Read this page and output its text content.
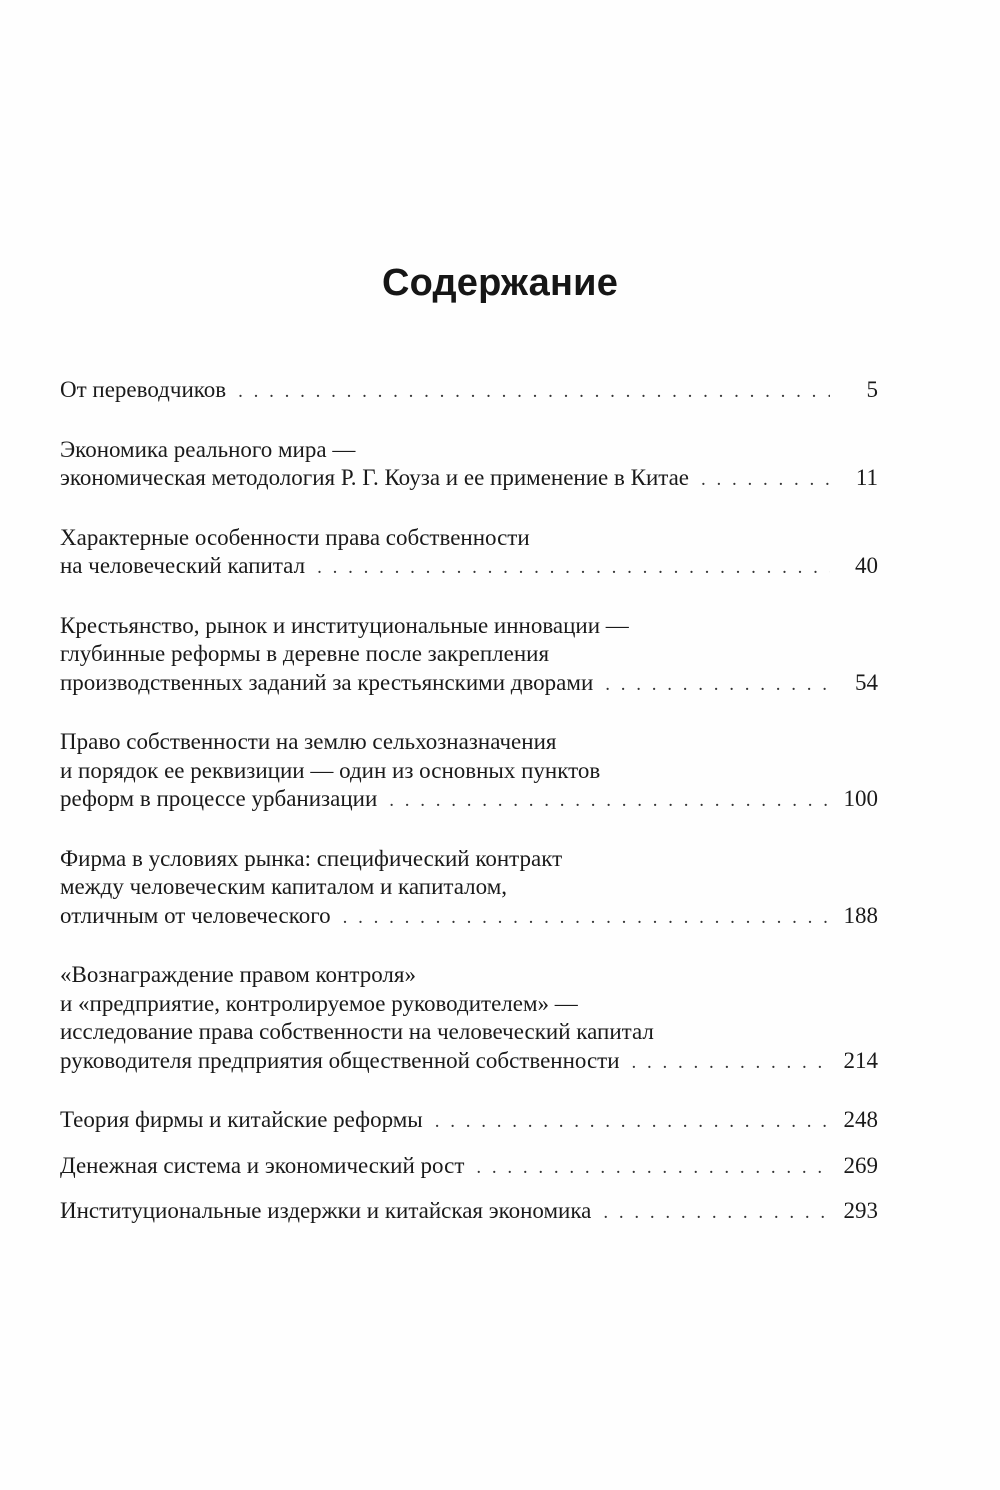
Содержание
От переводчиков . . .	5
Экономика реального мира —
экономическая методология Р. Г. Коуза и ее применение в Китае . . .	11
Характерные особенности права собственности
на человеческий капитал . . .	40
Крестьянство, рынок и институциональные инновации —
глубинные реформы в деревне после закрепления
производственных заданий за крестьянскими дворами . . .	54
Право собственности на землю сельхозназначения
и порядок ее реквизиции — один из основных пунктов
реформ в процессе урбанизации . . .	100
Фирма в условиях рынка: специфический контракт
между человеческим капиталом и капиталом,
отличным от человеческого . . .	188
«Вознаграждение правом контроля»
и «предприятие, контролируемое руководителем» —
исследование права собственности на человеческий капитал
руководителя предприятия общественной собственности . . .	214
Теория фирмы и китайские реформы . . .	248
Денежная система и экономический рост . . .	269
Институциональные издержки и китайская экономика . . .	293
